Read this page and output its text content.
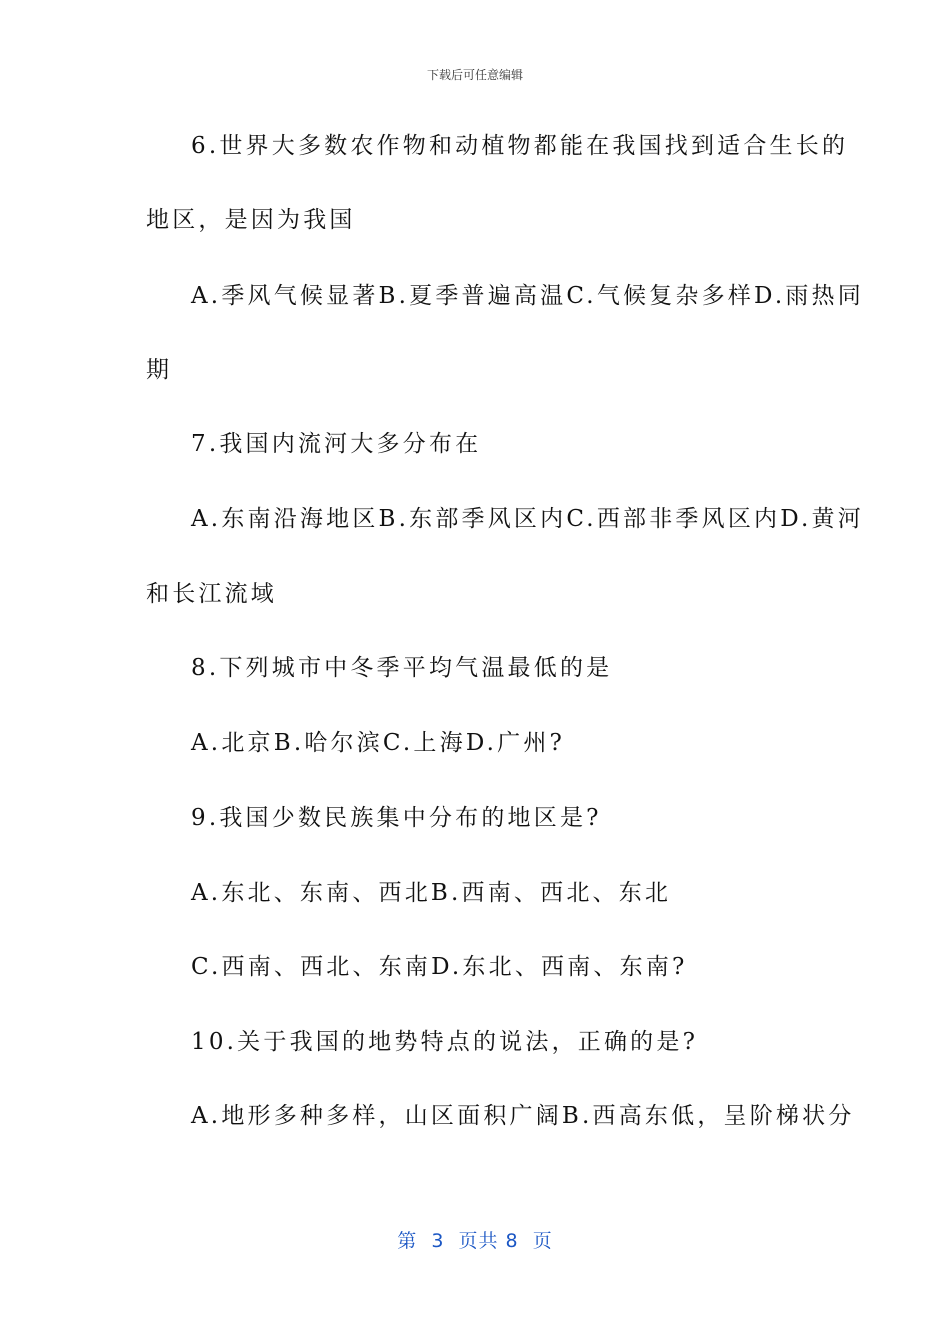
下载后可任意编辑
6.世界大多数农作物和动植物都能在我国找到适合生长的
地区，是因为我国
A.季风气候显著B.夏季普遍高温C.气候复杂多样D.雨热同
期
7.我国内流河大多分布在
A.东南沿海地区B.东部季风区内C.西部非季风区内D.黄河
和长江流域
8.下列城市中冬季平均气温最低的是
A.北京B.哈尔滨C.上海D.广州?
9.我国少数民族集中分布的地区是?
A.东北、东南、西北B.西南、西北、东北
C.西南、西北、东南D.东北、西南、东南?
10.关于我国的地势特点的说法，正确的是?
A.地形多种多样，山区面积广阔B.西高东低，呈阶梯状分
第  3  页共 8  页
